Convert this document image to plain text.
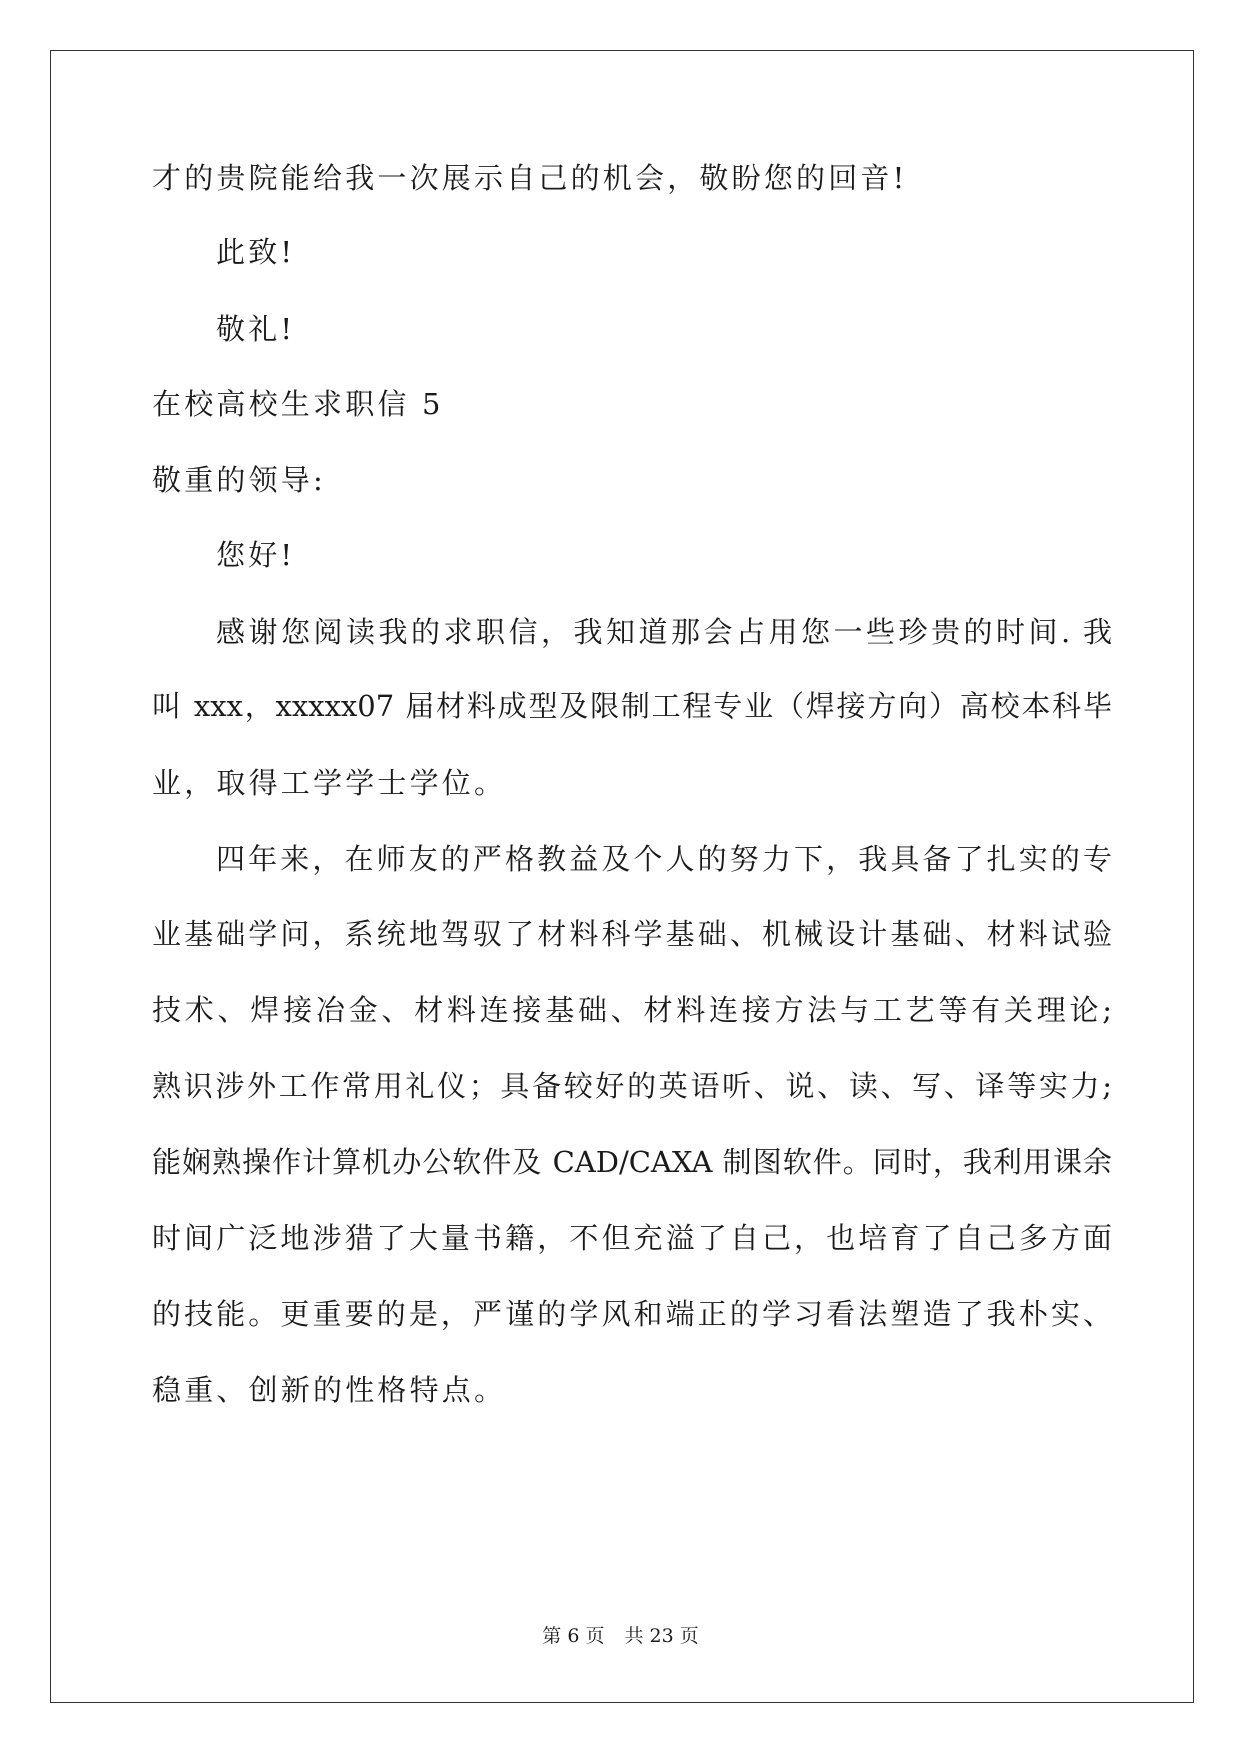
才的贵院能给我一次展示自己的机会，敬盼您的回音!
此致!
敬礼!
在校高校生求职信 5
敬重的领导:
您好!
感谢您阅读我的求职信，我知道那会占用您一些珍贵的时间. 我
叫 xxx，xxxxx07 届材料成型及限制工程专业（焊接方向）高校本科毕
业，取得工学学士学位。
四年来，在师友的严格教益及个人的努力下，我具备了扎实的专
业基础学问，系统地驾驭了材料科学基础、机械设计基础、材料试验
技术、焊接冶金、材料连接基础、材料连接方法与工艺等有关理论;
熟识涉外工作常用礼仪；具备较好的英语听、说、读、写、译等实力;
能娴熟操作计算机办公软件及 CAD/CAXA 制图软件。同时，我利用课余
时间广泛地涉猎了大量书籍，不但充溢了自己，也培育了自己多方面
的技能。更重要的是，严谨的学风和端正的学习看法塑造了我朴实、
稳重、创新的性格特点。
第 6 页 共 23 页
